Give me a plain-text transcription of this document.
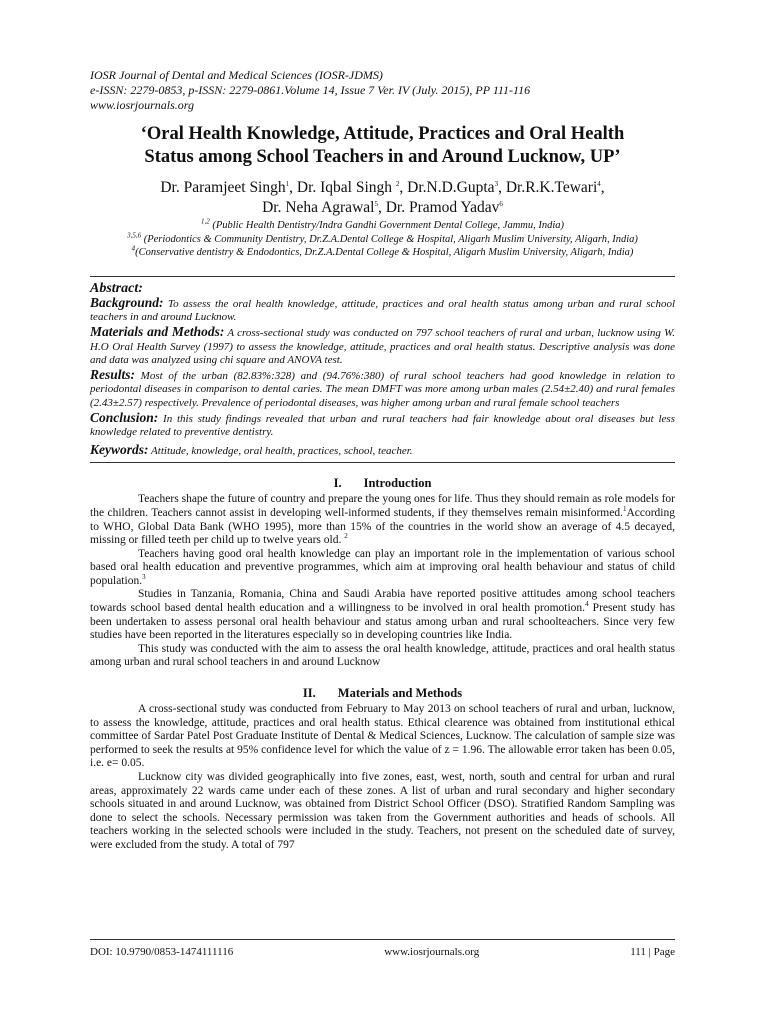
IOSR Journal of Dental and Medical Sciences (IOSR-JDMS)
e-ISSN: 2279-0853, p-ISSN: 2279-0861.Volume 14, Issue 7 Ver. IV (July. 2015), PP 111-116
www.iosrjournals.org
‘Oral Health Knowledge, Attitude, Practices and Oral Health
Status among School Teachers in and Around Lucknow, UP’
Dr. Paramjeet Singh$^1$, Dr. Iqbal Singh $^2$, Dr.N.D.Gupta$^3$, Dr.R.K.Tewari$^4$,
Dr. Neha Agrawal$^5$, Dr. Pramod Yadav$^6$
$^{1,2}$ (Public Health Dentistry/Indra Gandhi Government Dental College, Jammu, India)
$^{3,5,6}$ (Periodontics & Community Dentistry, Dr.Z.A.Dental College & Hospital, Aligarh Muslim University, Aligarh, India)
$^4$(Conservative dentistry & Endodontics, Dr.Z.A.Dental College & Hospital, Aligarh Muslim University, Aligarh, India)
Abstract:

Background: To assess the oral health knowledge, attitude, practices and oral health status among urban and rural school teachers in and around Lucknow.

Materials and Methods: A cross-sectional study was conducted on 797 school teachers of rural and urban, lucknow using W. H.O Oral Health Survey (1997) to assess the knowledge, attitude, practices and oral health status. Descriptive analysis was done and data was analyzed using chi square and ANOVA test.

Results: Most of the urban (82.83%:328) and (94.76%:380) of rural school teachers had good knowledge in relation to periodontal diseases in comparison to dental caries. The mean DMFT was more among urban males (2.54±2.40) and rural females (2.43±2.57) respectively. Prevalence of periodontal diseases, was higher among urban and rural female school teachers

Conclusion: In this study findings revealed that urban and rural teachers had fair knowledge about oral diseases but less knowledge related to preventive dentistry.

Keywords: Attitude, knowledge, oral health, practices, school, teacher.

I. Introduction

Teachers shape the future of country and prepare the young ones for life. Thus they should remain as role models for the children. Teachers cannot assist in developing well-informed students, if they themselves remain misinformed.$^1$According to WHO, Global Data Bank (WHO 1995), more than 15% of the countries in the world show an average of 4.5 decayed, missing or filled teeth per child up to twelve years old. $^2$

Teachers having good oral health knowledge can play an important role in the implementation of various school based oral health education and preventive programmes, which aim at improving oral health behaviour and status of child population.$^3$

Studies in Tanzania, Romania, China and Saudi Arabia have reported positive attitudes among school teachers towards school based dental health education and a willingness to be involved in oral health promotion.$^4$ Present study has been undertaken to assess personal oral health behaviour and status among urban and rural schoolteachers. Since very few studies have been reported in the literatures especially so in developing countries like India.

This study was conducted with the aim to assess the oral health knowledge, attitude, practices and oral health status among urban and rural school teachers in and around Lucknow

II. Materials and Methods

A cross-sectional study was conducted from February to May 2013 on school teachers of rural and urban, lucknow, to assess the knowledge, attitude, practices and oral health status. Ethical clearence was obtained from institutional ethical committee of Sardar Patel Post Graduate Institute of Dental & Medical Sciences, Lucknow. The calculation of sample size was performed to seek the results at 95% confidence level for which the value of z = 1.96. The allowable error taken has been 0.05, i.e. e= 0.05.

Lucknow city was divided geographically into five zones, east, west, north, south and central for urban and rural areas, approximately 22 wards came under each of these zones. A list of urban and rural secondary and higher secondary schools situated in and around Lucknow, was obtained from District School Officer (DSO). Stratified Random Sampling was done to select the schools. Necessary permission was taken from the Government authorities and heads of schools. All teachers working in the selected schools were included in the study. Teachers, not present on the scheduled date of survey, were excluded from the study. A total of 797

DOI: 10.9790/0853-1474111116	www.iosrjournals.org	111 | Page
